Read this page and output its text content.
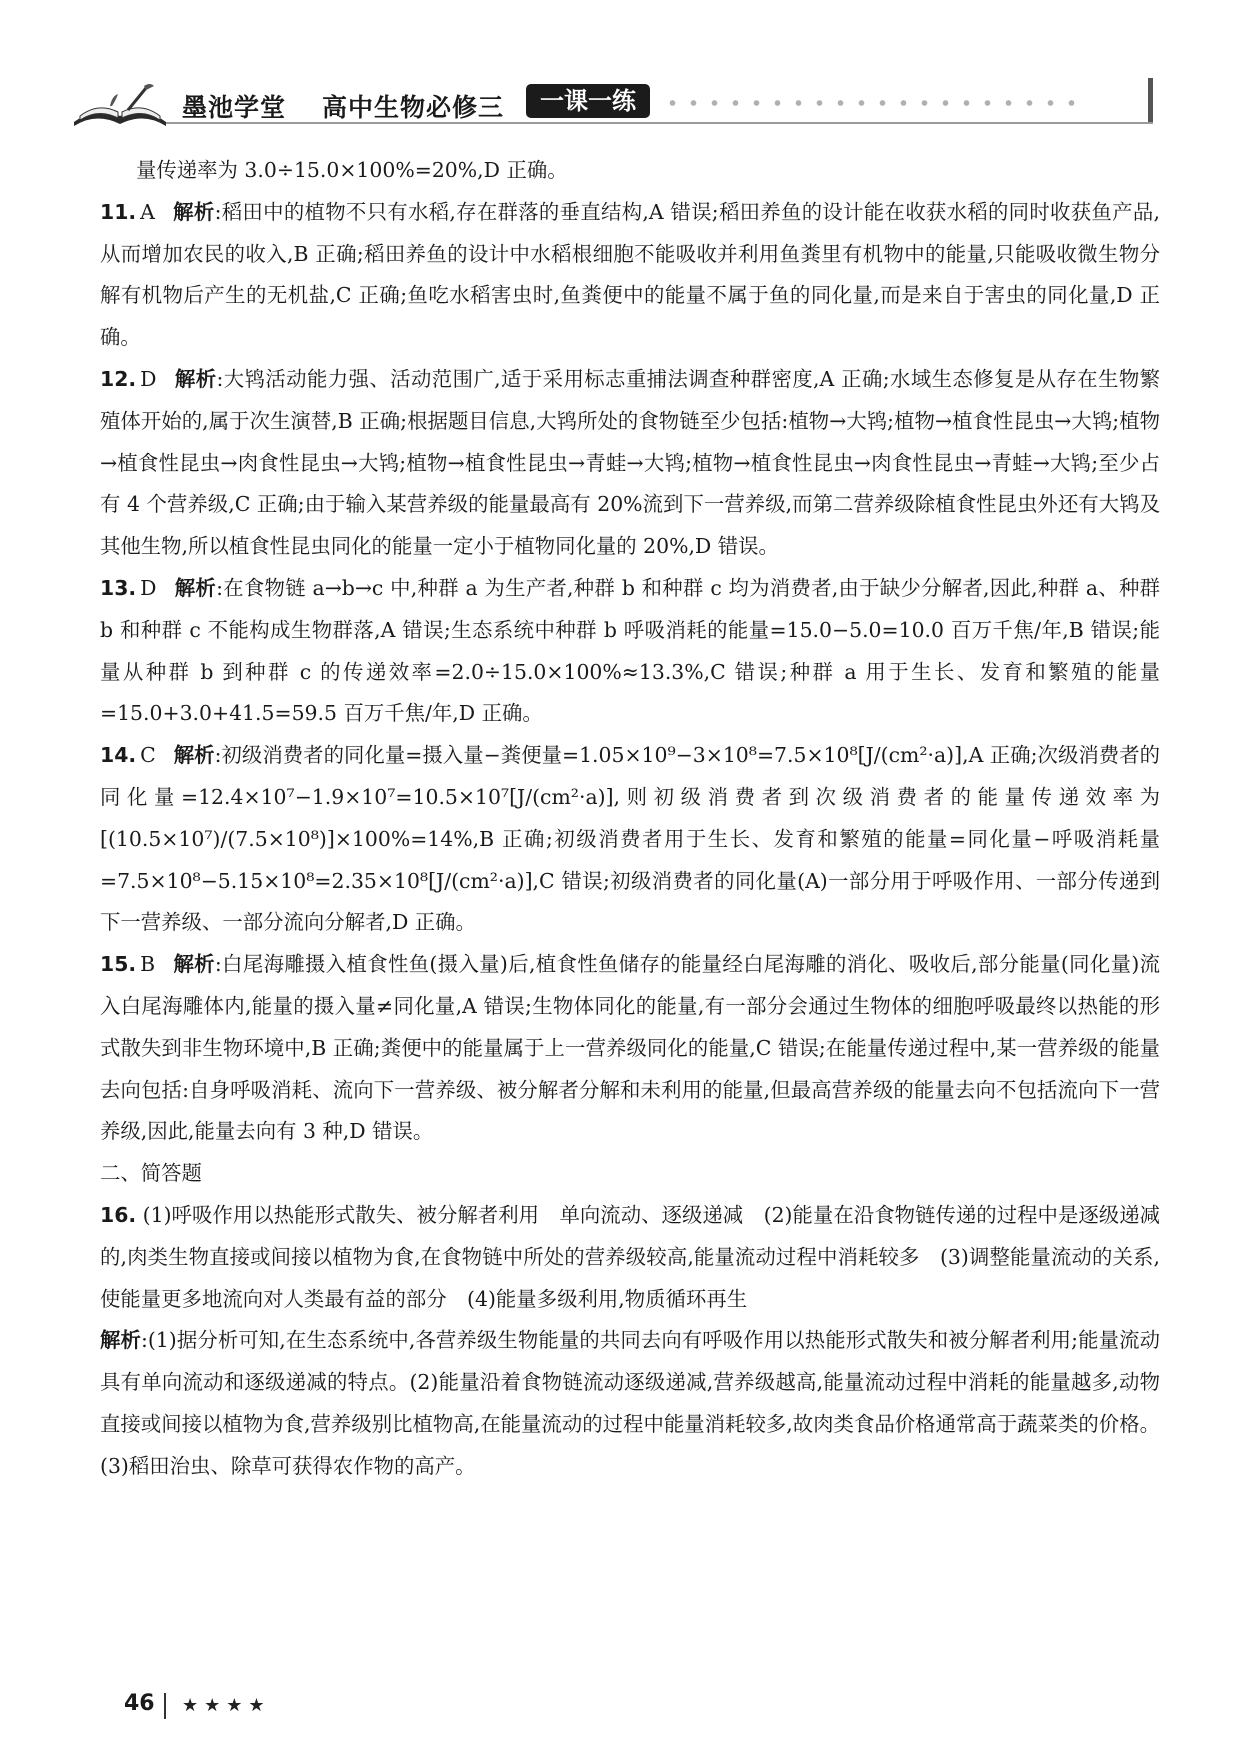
墨池学堂 高中生物必修三	一课一练
量传递率为 3.0÷15.0×100%=20%,D 正确。
11. A 解析:稻田中的植物不只有水稻,存在群落的垂直结构,A 错误;稻田养鱼的设计能在收获水稻的同时收获鱼产品,从而增加农民的收入,B 正确;稻田养鱼的设计中水稻根细胞不能吸收并利用鱼粪里有机物中的能量,只能吸收微生物分解有机物后产生的无机盐,C 正确;鱼吃水稻害虫时,鱼粪便中的能量不属于鱼的同化量,而是来自于害虫的同化量,D 正确。
12. D 解析:大鸨活动能力强、活动范围广,适于采用标志重捕法调查种群密度,A 正确;水域生态修复是从存在生物繁殖体开始的,属于次生演替,B 正确;根据题目信息,大鸨所处的食物链至少包括:植物→大鸨;植物→植食性昆虫→大鸨;植物→植食性昆虫→肉食性昆虫→大鸨;植物→植食性昆虫→青蛙→大鸨;植物→植食性昆虫→肉食性昆虫→青蛙→大鸨;至少占有 4 个营养级,C 正确;由于输入某营养级的能量最高有 20%流到下一营养级,而第二营养级除植食性昆虫外还有大鸨及其他生物,所以植食性昆虫同化的能量一定小于植物同化量的 20%,D 错误。
13. D 解析:在食物链 a→b→c 中,种群 a 为生产者,种群 b 和种群 c 均为消费者,由于缺少分解者,因此,种群 a、种群 b 和种群 c 不能构成生物群落,A 错误;生态系统中种群 b 呼吸消耗的能量=15.0−5.0=10.0 百万千焦/年,B 错误;能量从种群 b 到种群 c 的传递效率=2.0÷15.0×100%≈13.3%,C 错误;种群 a 用于生长、发育和繁殖的能量=15.0+3.0+41.5=59.5 百万千焦/年,D 正确。
14. C 解析:初级消费者的同化量=摄入量−粪便量=1.05×10⁹−3×10⁸=7.5×10⁸[J/(cm²·a)],A 正确;次级消费者的同化量=12.4×10⁷−1.9×10⁷=10.5×10⁷[J/(cm²·a)],则初级消费者到次级消费者的能量传递效率为[(10.5×10⁷)/(7.5×10⁸)]×100%=14%,B 正确;初级消费者用于生长、发育和繁殖的能量=同化量−呼吸消耗量=7.5×10⁸−5.15×10⁸=2.35×10⁸[J/(cm²·a)],C 错误;初级消费者的同化量(A)一部分用于呼吸作用、一部分传递到下一营养级、一部分流向分解者,D 正确。
15. B 解析:白尾海雕摄入植食性鱼(摄入量)后,植食性鱼储存的能量经白尾海雕的消化、吸收后,部分能量(同化量)流入白尾海雕体内,能量的摄入量≠同化量,A 错误;生物体同化的能量,有一部分会通过生物体的细胞呼吸最终以热能的形式散失到非生物环境中,B 正确;粪便中的能量属于上一营养级同化的能量,C 错误;在能量传递过程中,某一营养级的能量去向包括:自身呼吸消耗、流向下一营养级、被分解者分解和未利用的能量,但最高营养级的能量去向不包括流向下一营养级,因此,能量去向有 3 种,D 错误。
二、简答题
16. (1)呼吸作用以热能形式散失、被分解者利用　单向流动、逐级递减　(2)能量在沿食物链传递的过程中是逐级递减的,肉类生物直接或间接以植物为食,在食物链中所处的营养级较高,能量流动过程中消耗较多　(3)调整能量流动的关系,使能量更多地流向对人类最有益的部分　(4)能量多级利用,物质循环再生
解析:(1)据分析可知,在生态系统中,各营养级生物能量的共同去向有呼吸作用以热能形式散失和被分解者利用;能量流动具有单向流动和逐级递减的特点。(2)能量沿着食物链流动逐级递减,营养级越高,能量流动过程中消耗的能量越多,动物直接或间接以植物为食,营养级别比植物高,在能量流动的过程中能量消耗较多,故肉类食品价格通常高于蔬菜类的价格。(3)稻田治虫、除草可获得农作物的高产。
46 ★★★★
